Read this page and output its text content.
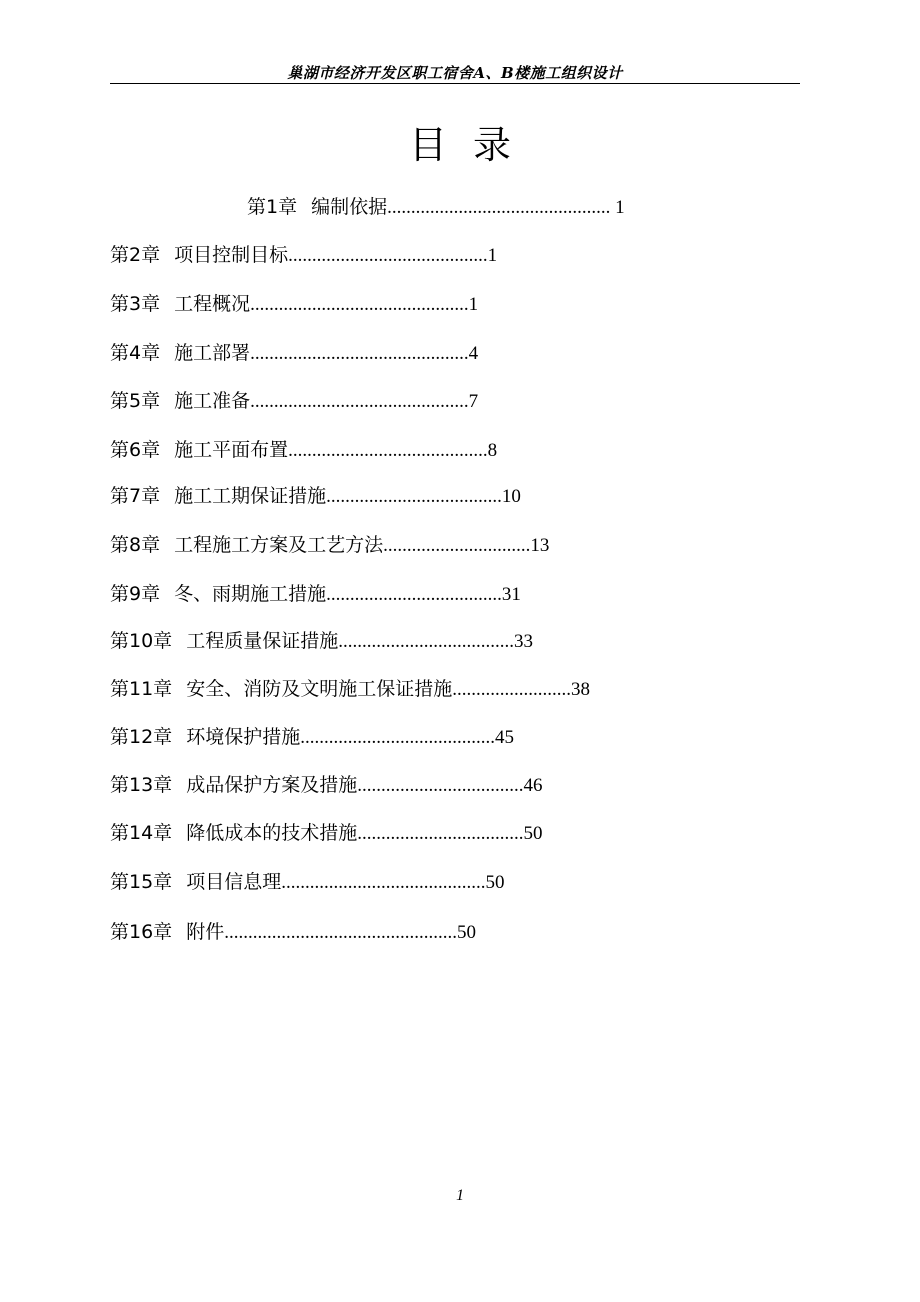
巢湖市经济开发区职工宿舍A、B楼施工组织设计
目录
第1章 编制依据............................................... 1
第2章 项目控制目标..........................................1
第3章 工程概况..............................................1
第4章 施工部署..............................................4
第5章 施工准备..............................................7
第6章 施工平面布置..........................................8
第7章 施工工期保证措施.....................................10
第8章 工程施工方案及工艺方法...............................13
第9章 冬、雨期施工措施.....................................31
第10章 工程质量保证措施.....................................33
第11章 安全、消防及文明施工保证措施.........................38
第12章 环境保护措施.........................................45
第13章 成品保护方案及措施...................................46
第14章 降低成本的技术措施...................................50
第15章 项目信息理...........................................50
第16章 附件.................................................50
1
